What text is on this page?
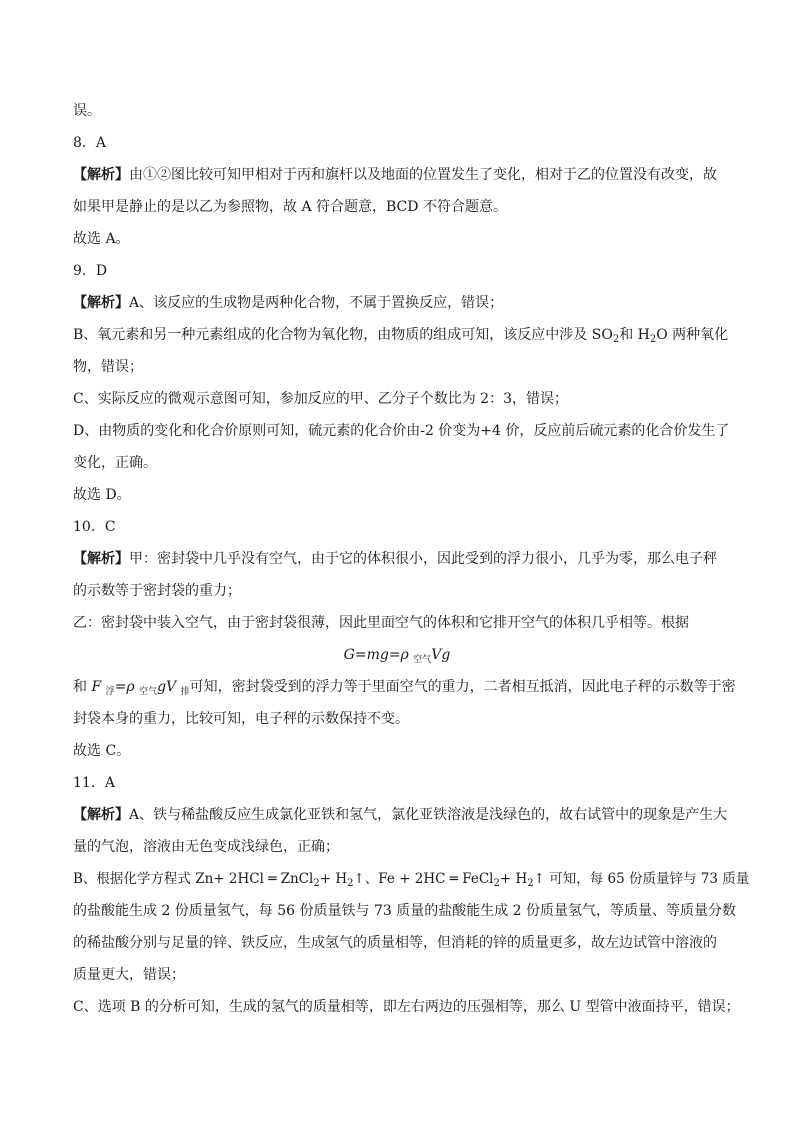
误。
8．A
【解析】由①②图比较可知甲相对于丙和旗杆以及地面的位置发生了变化，相对于乙的位置没有改变，故
如果甲是静止的是以乙为参照物，故 A 符合题意，BCD 不符合题意。
故选 A。
9．D
【解析】A、该反应的生成物是两种化合物，不属于置换反应，错误；
B、氧元素和另一种元素组成的化合物为氧化物，由物质的组成可知，该反应中涉及 $SO_2$和 $H_2O$ 两种氧化
物，错误；
C、实际反应的微观示意图可知，参加反应的甲、乙分子个数比为 2：3，错误；
D、由物质的变化和化合价原则可知，硫元素的化合价由-2 价变为+4 价，反应前后硫元素的化合价发生了
变化，正确。
故选 D。
10．C
【解析】甲：密封袋中几乎没有空气，由于它的体积很小，因此受到的浮力很小，几乎为零，那么电子秤
的示数等于密封袋的重力；
乙：密封袋中装入空气，由于密封袋很薄，因此里面空气的体积和它排开空气的体积几乎相等。根据
G=mg=ρ $_{空气}$Vg
和 F $_浮$=ρ $_{空气}$gV $_排$可知，密封袋受到的浮力等于里面空气的重力，二者相互抵消，因此电子秤的示数等于密
封袋本身的重力，比较可知，电子秤的示数保持不变。
故选 C。
11．A
【解析】A、铁与稀盐酸反应生成氯化亚铁和氢气，氯化亚铁溶液是浅绿色的，故右试管中的现象是产生大
量的气泡，溶液由无色变成浅绿色，正确；
B、根据化学方程式 Zn+ 2HCl ═ ZnCl$_2$+ $H_2↑$、Fe + 2HC ═ FeCl$_2$+ $H_2↑$ 可知，每 65 份质量锌与 73 质量
的盐酸能生成 2 份质量氢气，每 56 份质量铁与 73 质量的盐酸能生成 2 份质量氢气，等质量、等质量分数
的稀盐酸分别与足量的锌、铁反应，生成氢气的质量相等，但消耗的锌的质量更多，故左边试管中溶液的
质量更大，错误；
C、选项 B 的分析可知，生成的氢气的质量相等，即左右两边的压强相等，那么 U 型管中液面持平，错误；
